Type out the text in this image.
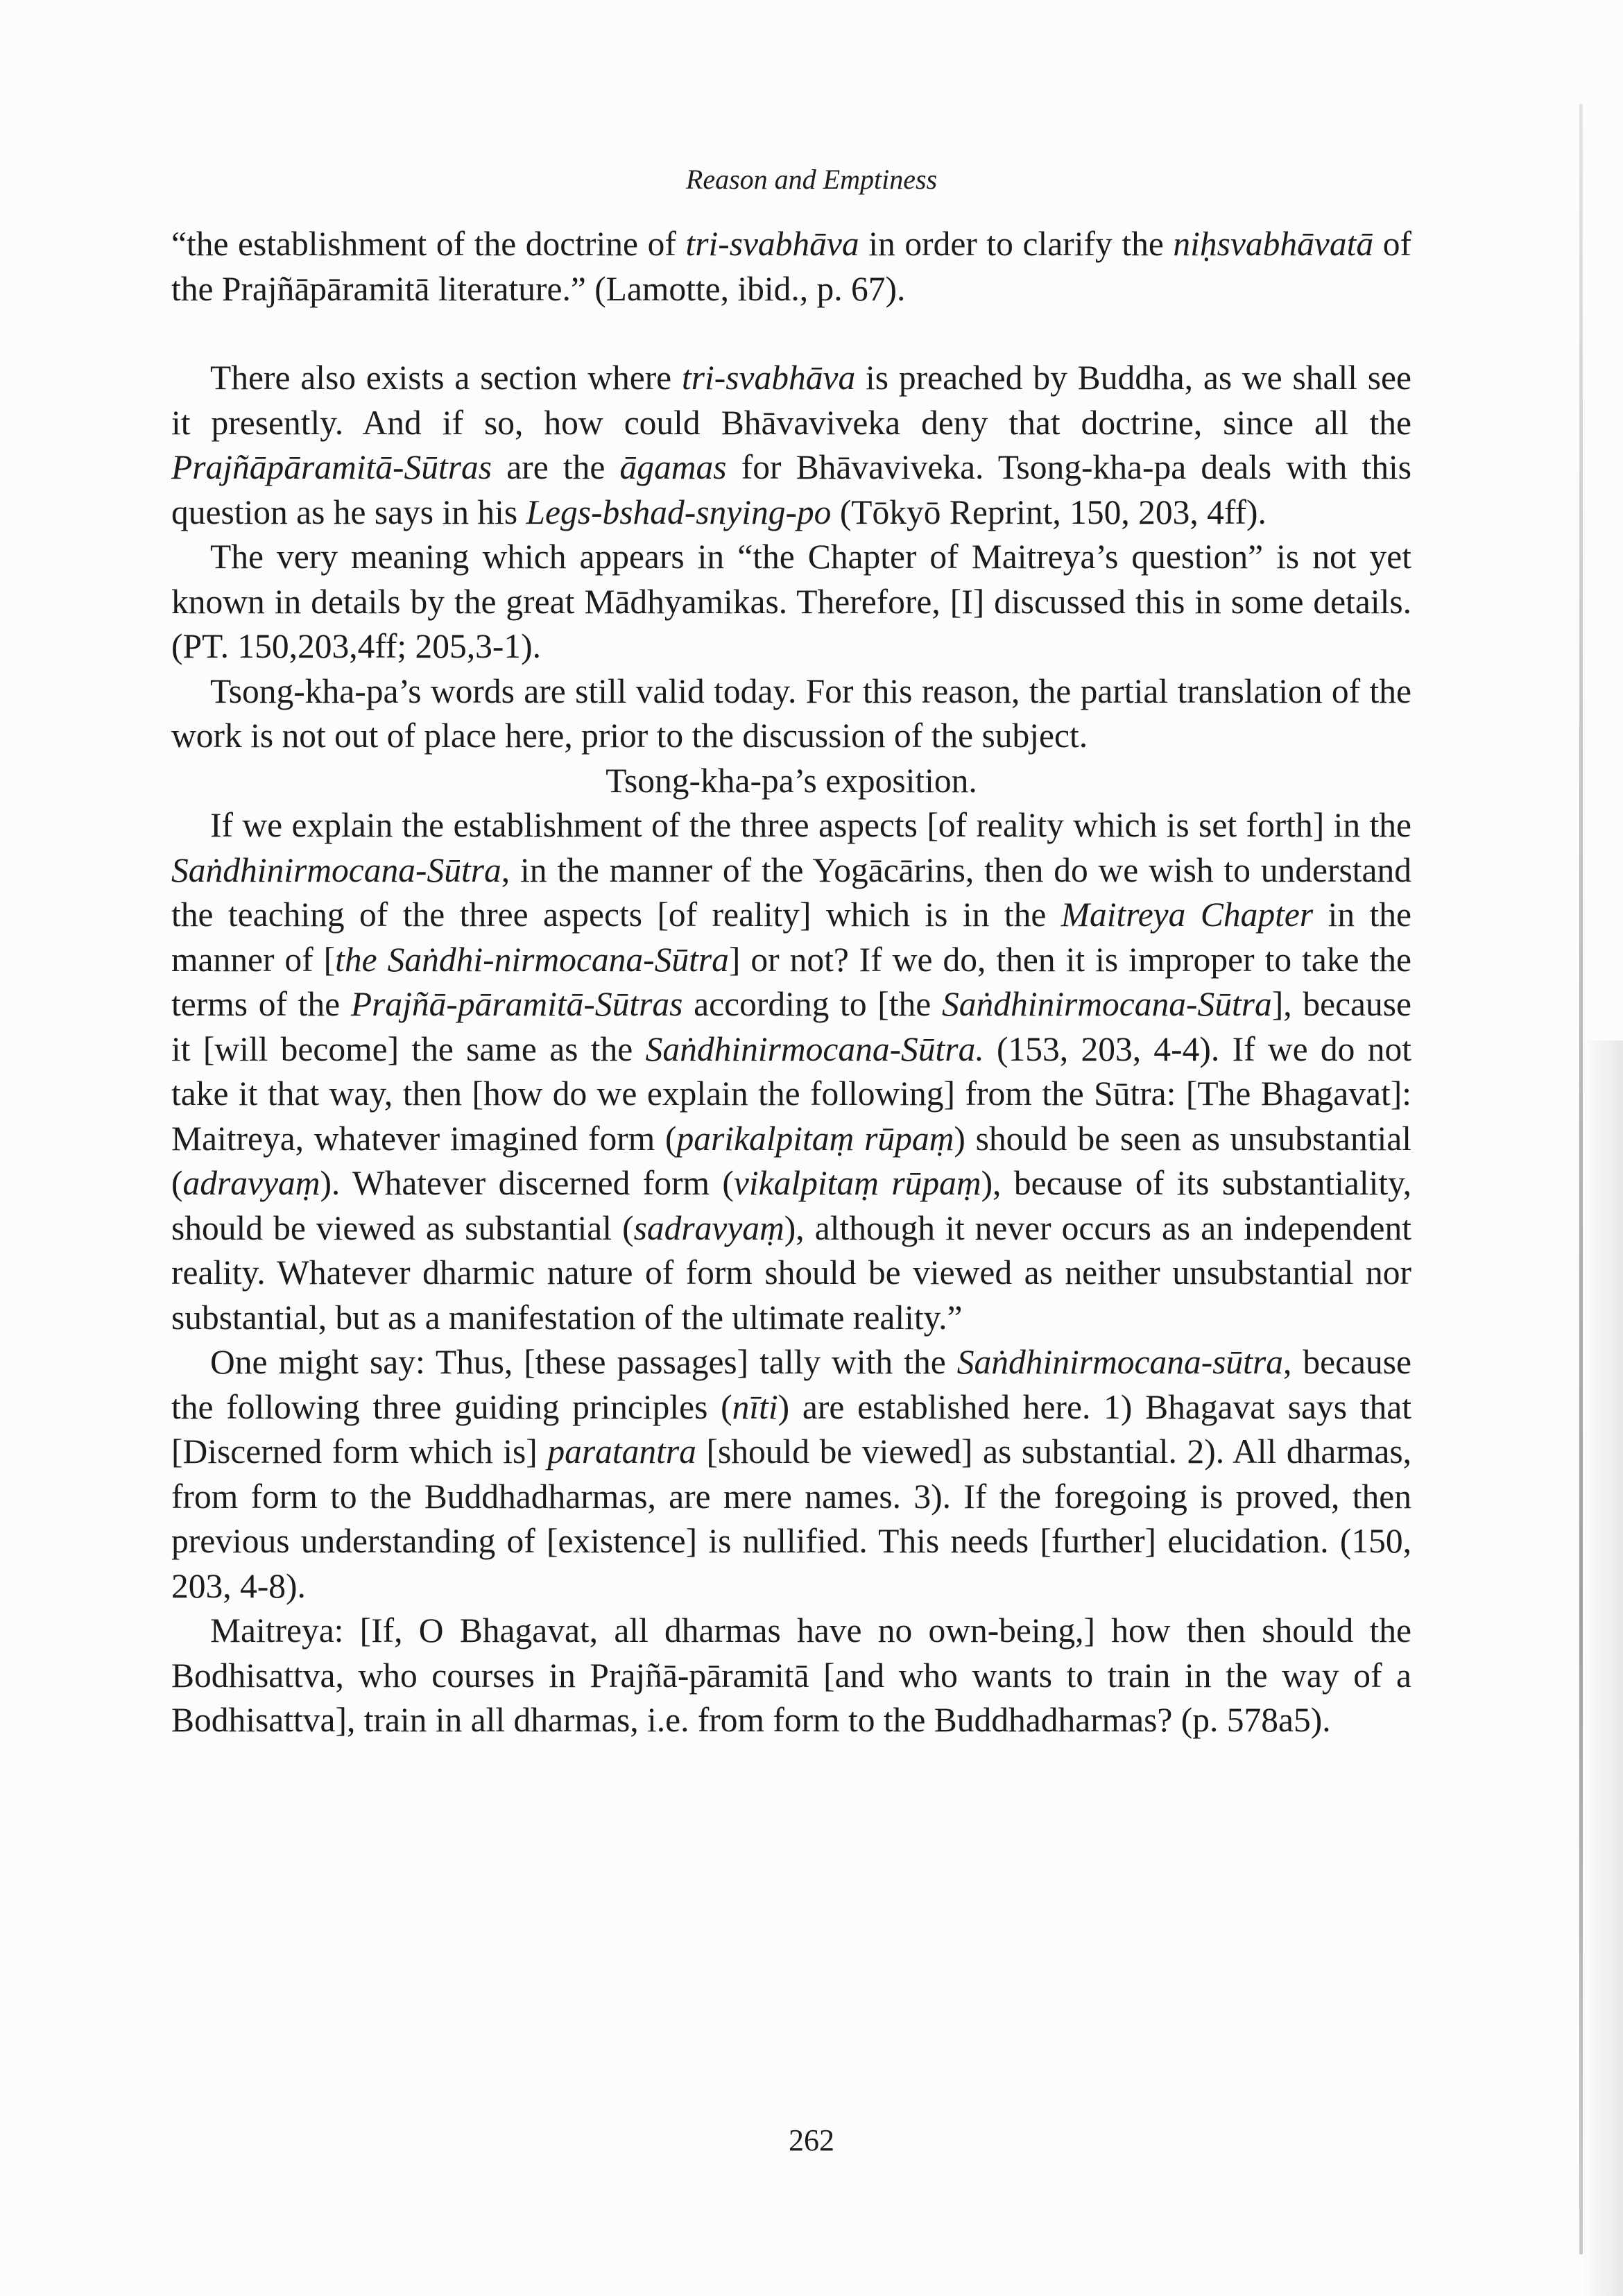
Reason and Emptiness

“the establishment of the doctrine of tri-svabhāva in order to clarify the niḥsvabhāvatā of the Prajñāpāramitā literature.” (Lamotte, ibid., p. 67).

There also exists a section where tri-svabhāva is preached by Buddha, as we shall see it presently. And if so, how could Bhāvaviveka deny that doctrine, since all the Prajñāpāramitā-Sūtras are the āgamas for Bhāvaviveka. Tsong-kha-pa deals with this question as he says in his Legs-bshad-snying-po (Tōkyō Reprint, 150, 203, 4ff).

The very meaning which appears in “the Chapter of Maitreya’s question” is not yet known in details by the great Mādhyamikas. Therefore, [I] discussed this in some details. (PT. 150,203,4ff; 205,3-1).

Tsong-kha-pa’s words are still valid today. For this reason, the partial translation of the work is not out of place here, prior to the discussion of the subject.

Tsong-kha-pa’s exposition.

If we explain the establishment of the three aspects [of reality which is set forth] in the Saṅdhinirmocana-Sūtra, in the manner of the Yogācārins, then do we wish to understand the teaching of the three aspects [of reality] which is in the Maitreya Chapter in the manner of [the Saṅdhi-nirmocana-Sūtra] or not? If we do, then it is improper to take the terms of the Prajñā-pāramitā-Sūtras according to [the Saṅdhinirmocana-Sūtra], because it [will become] the same as the Saṅdhinirmocana-Sūtra. (153, 203, 4-4). If we do not take it that way, then [how do we explain the following] from the Sūtra: [The Bhagavat]: Maitreya, whatever imagined form (parikalpitaṃ rūpaṃ) should be seen as unsubstantial (adravyaṃ). Whatever discerned form (vikalpitaṃ rūpaṃ), because of its substantiality, should be viewed as substantial (sadravyaṃ), although it never occurs as an independent reality. Whatever dharmic nature of form should be viewed as neither unsubstantial nor substantial, but as a manifestation of the ultimate reality.”

One might say: Thus, [these passages] tally with the Saṅdhinirmocana-sūtra, because the following three guiding principles (nīti) are established here. 1) Bhagavat says that [Discerned form which is] paratantra [should be viewed] as substantial. 2). All dharmas, from form to the Buddhadharmas, are mere names. 3). If the foregoing is proved, then previous understanding of [existence] is nullified. This needs [further] elucidation. (150, 203, 4-8).

Maitreya: [If, O Bhagavat, all dharmas have no own-being,] how then should the Bodhisattva, who courses in Prajñā-pāramitā [and who wants to train in the way of a Bodhisattva], train in all dharmas, i.e. from form to the Buddhadharmas? (p. 578a5).

262
